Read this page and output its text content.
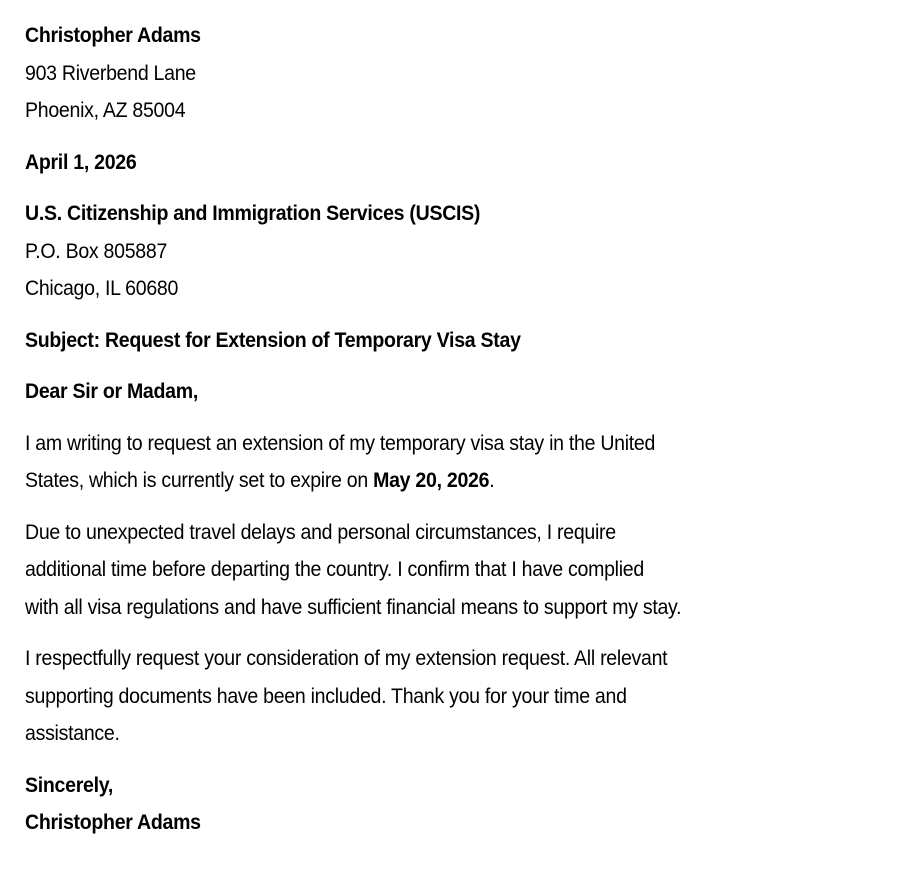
Christopher Adams
903 Riverbend Lane
Phoenix, AZ 85004
April 1, 2026
U.S. Citizenship and Immigration Services (USCIS)
P.O. Box 805887
Chicago, IL 60680
Subject: Request for Extension of Temporary Visa Stay
Dear Sir or Madam,
I am writing to request an extension of my temporary visa stay in the United
States, which is currently set to expire on May 20, 2026.
Due to unexpected travel delays and personal circumstances, I require
additional time before departing the country. I confirm that I have complied
with all visa regulations and have sufficient financial means to support my stay.
I respectfully request your consideration of my extension request. All relevant
supporting documents have been included. Thank you for your time and
assistance.
Sincerely,
Christopher Adams
